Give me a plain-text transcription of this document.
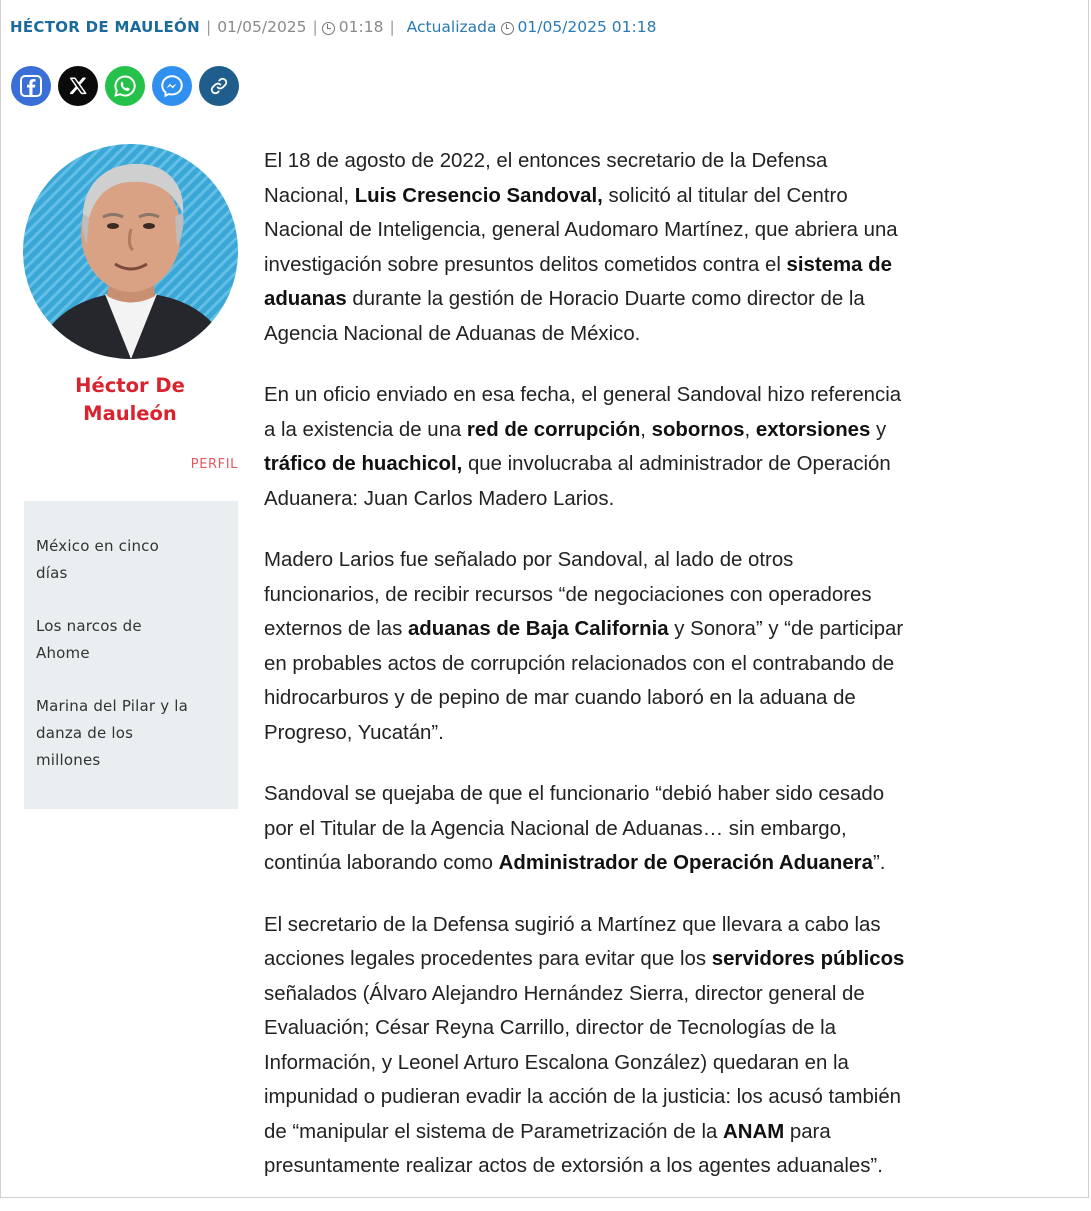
HÉCTOR DE MAULEÓN | 01/05/2025 | 01:18 | Actualizada 01/05/2025 01:18
Héctor De
Mauleón
PERFIL
México en cinco
días
Los narcos de
Ahome
Marina del Pilar y la
danza de los
millones

El 18 de agosto de 2022, el entonces secretario de la Defensa
Nacional, Luis Cresencio Sandoval, solicitó al titular del Centro
Nacional de Inteligencia, general Audomaro Martínez, que abriera una
investigación sobre presuntos delitos cometidos contra el sistema de
aduanas durante la gestión de Horacio Duarte como director de la
Agencia Nacional de Aduanas de México.

En un oficio enviado en esa fecha, el general Sandoval hizo referencia
a la existencia de una red de corrupción, sobornos, extorsiones y
tráfico de huachicol, que involucraba al administrador de Operación
Aduanera: Juan Carlos Madero Larios.

Madero Larios fue señalado por Sandoval, al lado de otros
funcionarios, de recibir recursos “de negociaciones con operadores
externos de las aduanas de Baja California y Sonora” y “de participar
en probables actos de corrupción relacionados con el contrabando de
hidrocarburos y de pepino de mar cuando laboró en la aduana de
Progreso, Yucatán”.

Sandoval se quejaba de que el funcionario “debió haber sido cesado
por el Titular de la Agencia Nacional de Aduanas… sin embargo,
continúa laborando como Administrador de Operación Aduanera”.

El secretario de la Defensa sugirió a Martínez que llevara a cabo las
acciones legales procedentes para evitar que los servidores públicos
señalados (Álvaro Alejandro Hernández Sierra, director general de
Evaluación; César Reyna Carrillo, director de Tecnologías de la
Información, y Leonel Arturo Escalona González) quedaran en la
impunidad o pudieran evadir la acción de la justicia: los acusó también
de “manipular el sistema de Parametrización de la ANAM para
presuntamente realizar actos de extorsión a los agentes aduanales”.
